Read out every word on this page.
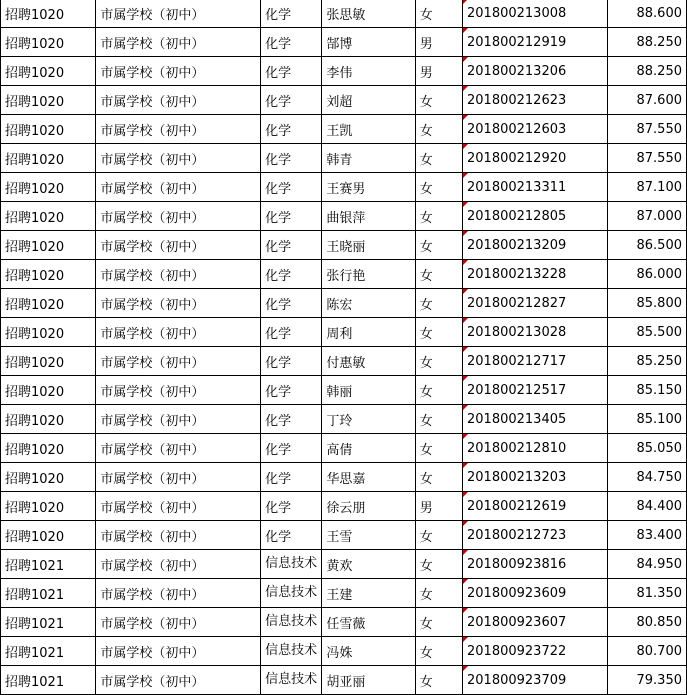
招聘1020	市属学校（初中）	化学	张思敏	女	201800213008	88.600
招聘1020	市属学校（初中）	化学	郜博	男	201800212919	88.250
招聘1020	市属学校（初中）	化学	李伟	男	201800213206	88.250
招聘1020	市属学校（初中）	化学	刘超	女	201800212623	87.600
招聘1020	市属学校（初中）	化学	王凯	女	201800212603	87.550
招聘1020	市属学校（初中）	化学	韩青	女	201800212920	87.550
招聘1020	市属学校（初中）	化学	王赛男	女	201800213311	87.100
招聘1020	市属学校（初中）	化学	曲银萍	女	201800212805	87.000
招聘1020	市属学校（初中）	化学	王晓丽	女	201800213209	86.500
招聘1020	市属学校（初中）	化学	张行艳	女	201800213228	86.000
招聘1020	市属学校（初中）	化学	陈宏	女	201800212827	85.800
招聘1020	市属学校（初中）	化学	周利	女	201800213028	85.500
招聘1020	市属学校（初中）	化学	付惠敏	女	201800212717	85.250
招聘1020	市属学校（初中）	化学	韩丽	女	201800212517	85.150
招聘1020	市属学校（初中）	化学	丁玲	女	201800213405	85.100
招聘1020	市属学校（初中）	化学	高倩	女	201800212810	85.050
招聘1020	市属学校（初中）	化学	华思嘉	女	201800213203	84.750
招聘1020	市属学校（初中）	化学	徐云朋	男	201800212619	84.400
招聘1020	市属学校（初中）	化学	王雪	女	201800212723	83.400
招聘1021	市属学校（初中）	信息技术	黄欢	女	201800923816	84.950
招聘1021	市属学校（初中）	信息技术	王建	女	201800923609	81.350
招聘1021	市属学校（初中）	信息技术	任雪薇	女	201800923607	80.850
招聘1021	市属学校（初中）	信息技术	冯姝	女	201800923722	80.700
招聘1021	市属学校（初中）	信息技术	胡亚丽	女	201800923709	79.350
